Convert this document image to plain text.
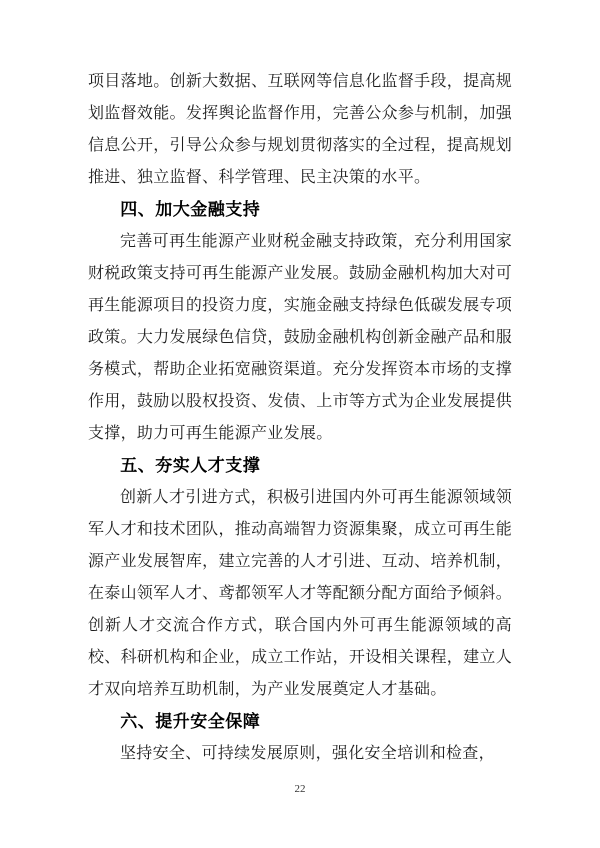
项目落地。创新大数据、互联网等信息化监督手段，提高规划监督效能。发挥舆论监督作用，完善公众参与机制，加强信息公开，引导公众参与规划贯彻落实的全过程，提高规划推进、独立监督、科学管理、民主决策的水平。

四、加大金融支持

完善可再生能源产业财税金融支持政策，充分利用国家财税政策支持可再生能源产业发展。鼓励金融机构加大对可再生能源项目的投资力度，实施金融支持绿色低碳发展专项政策。大力发展绿色信贷，鼓励金融机构创新金融产品和服务模式，帮助企业拓宽融资渠道。充分发挥资本市场的支撑作用，鼓励以股权投资、发债、上市等方式为企业发展提供支撑，助力可再生能源产业发展。

五、夯实人才支撑

创新人才引进方式，积极引进国内外可再生能源领域领军人才和技术团队，推动高端智力资源集聚，成立可再生能源产业发展智库，建立完善的人才引进、互动、培养机制，在泰山领军人才、鸢都领军人才等配额分配方面给予倾斜。创新人才交流合作方式，联合国内外可再生能源领域的高校、科研机构和企业，成立工作站，开设相关课程，建立人才双向培养互助机制，为产业发展奠定人才基础。

六、提升安全保障

坚持安全、可持续发展原则，强化安全培训和检查，

22
